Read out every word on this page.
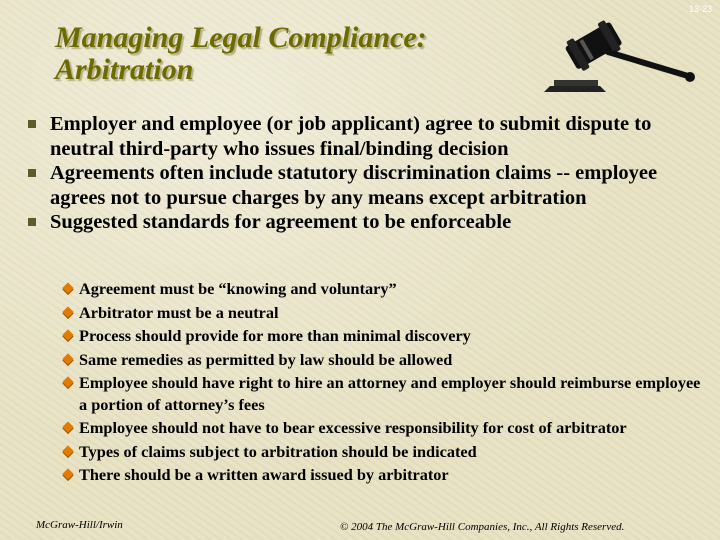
13-23
Managing Legal Compliance:
Arbitration
Employer and employee (or job applicant) agree to submit dispute to neutral third-party who issues final/binding decision
Agreements often include statutory discrimination claims -- employee agrees not to pursue charges by any means except arbitration
Suggested standards for agreement to be enforceable
Agreement must be “knowing and voluntary”
Arbitrator must be a neutral
Process should provide for more than minimal discovery
Same remedies as permitted by law should be allowed
Employee should have right to hire an attorney and employer should reimburse employee a portion of attorney’s fees
Employee should not have to bear excessive responsibility for cost of arbitrator
Types of claims subject to arbitration should be indicated
There should be a written award issued by arbitrator
McGraw-Hill/Irwin	© 2004 The McGraw-Hill Companies, Inc., All Rights Reserved.
